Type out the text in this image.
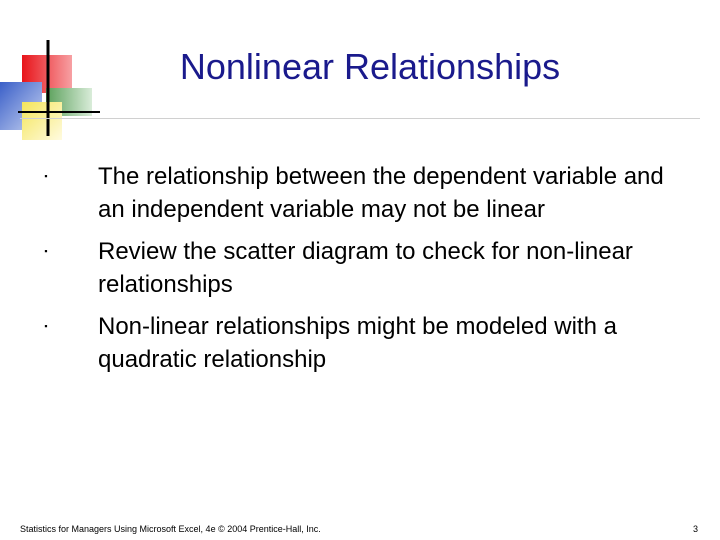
Nonlinear Relationships
▪	The relationship between the dependent variable and an independent variable may not be linear
▪	Review the scatter diagram to check for non-linear relationships
▪	Non-linear relationships might be modeled with a quadratic relationship
Statistics for Managers Using Microsoft Excel, 4e © 2004 Prentice-Hall, Inc.	3
